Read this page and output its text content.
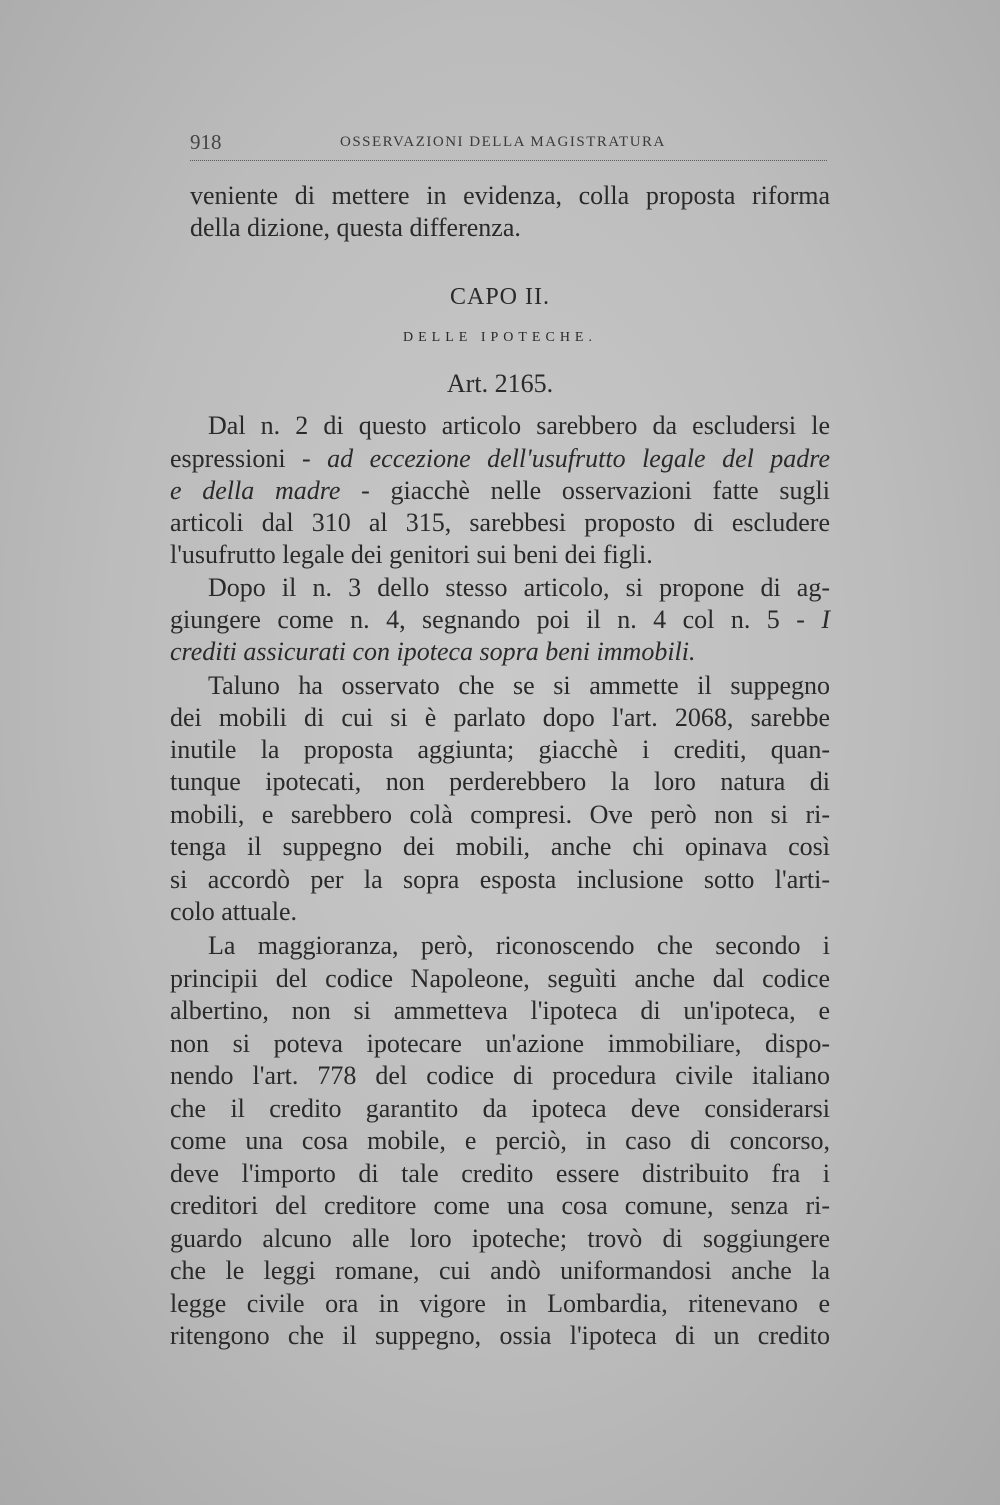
918	OSSERVAZIONI DELLA MAGISTRATURA
veniente di mettere in evidenza, colla proposta riforma
della dizione, questa differenza.
CAPO II.
DELLE IPOTECHE.
Art. 2165.
Dal n. 2 di questo articolo sarebbero da escludersi le
espressioni - ad eccezione dell'usufrutto legale del padre
e della madre - giacchè nelle osservazioni fatte sugli
articoli dal 310 al 315, sarebbesi proposto di escludere
l'usufrutto legale dei genitori sui beni dei figli.
Dopo il n. 3 dello stesso articolo, si propone di ag-
giungere come n. 4, segnando poi il n. 4 col n. 5 - I
crediti assicurati con ipoteca sopra beni immobili.
Taluno ha osservato che se si ammette il suppegno
dei mobili di cui si è parlato dopo l'art. 2068, sarebbe
inutile la proposta aggiunta; giacchè i crediti, quan-
tunque ipotecati, non perderebbero la loro natura di
mobili, e sarebbero colà compresi. Ove però non si ri-
tenga il suppegno dei mobili, anche chi opinava così
si accordò per la sopra esposta inclusione sotto l'arti-
colo attuale.
La maggioranza, però, riconoscendo che secondo i
principii del codice Napoleone, seguìti anche dal codice
albertino, non si ammetteva l'ipoteca di un'ipoteca, e
non si poteva ipotecare un'azione immobiliare, dispo-
nendo l'art. 778 del codice di procedura civile italiano
che il credito garantito da ipoteca deve considerarsi
come una cosa mobile, e perciò, in caso di concorso,
deve l'importo di tale credito essere distribuito fra i
creditori del creditore come una cosa comune, senza ri-
guardo alcuno alle loro ipoteche; trovò di soggiungere
che le leggi romane, cui andò uniformandosi anche la
legge civile ora in vigore in Lombardia, ritenevano e
ritengono che il suppegno, ossia l'ipoteca di un credito
